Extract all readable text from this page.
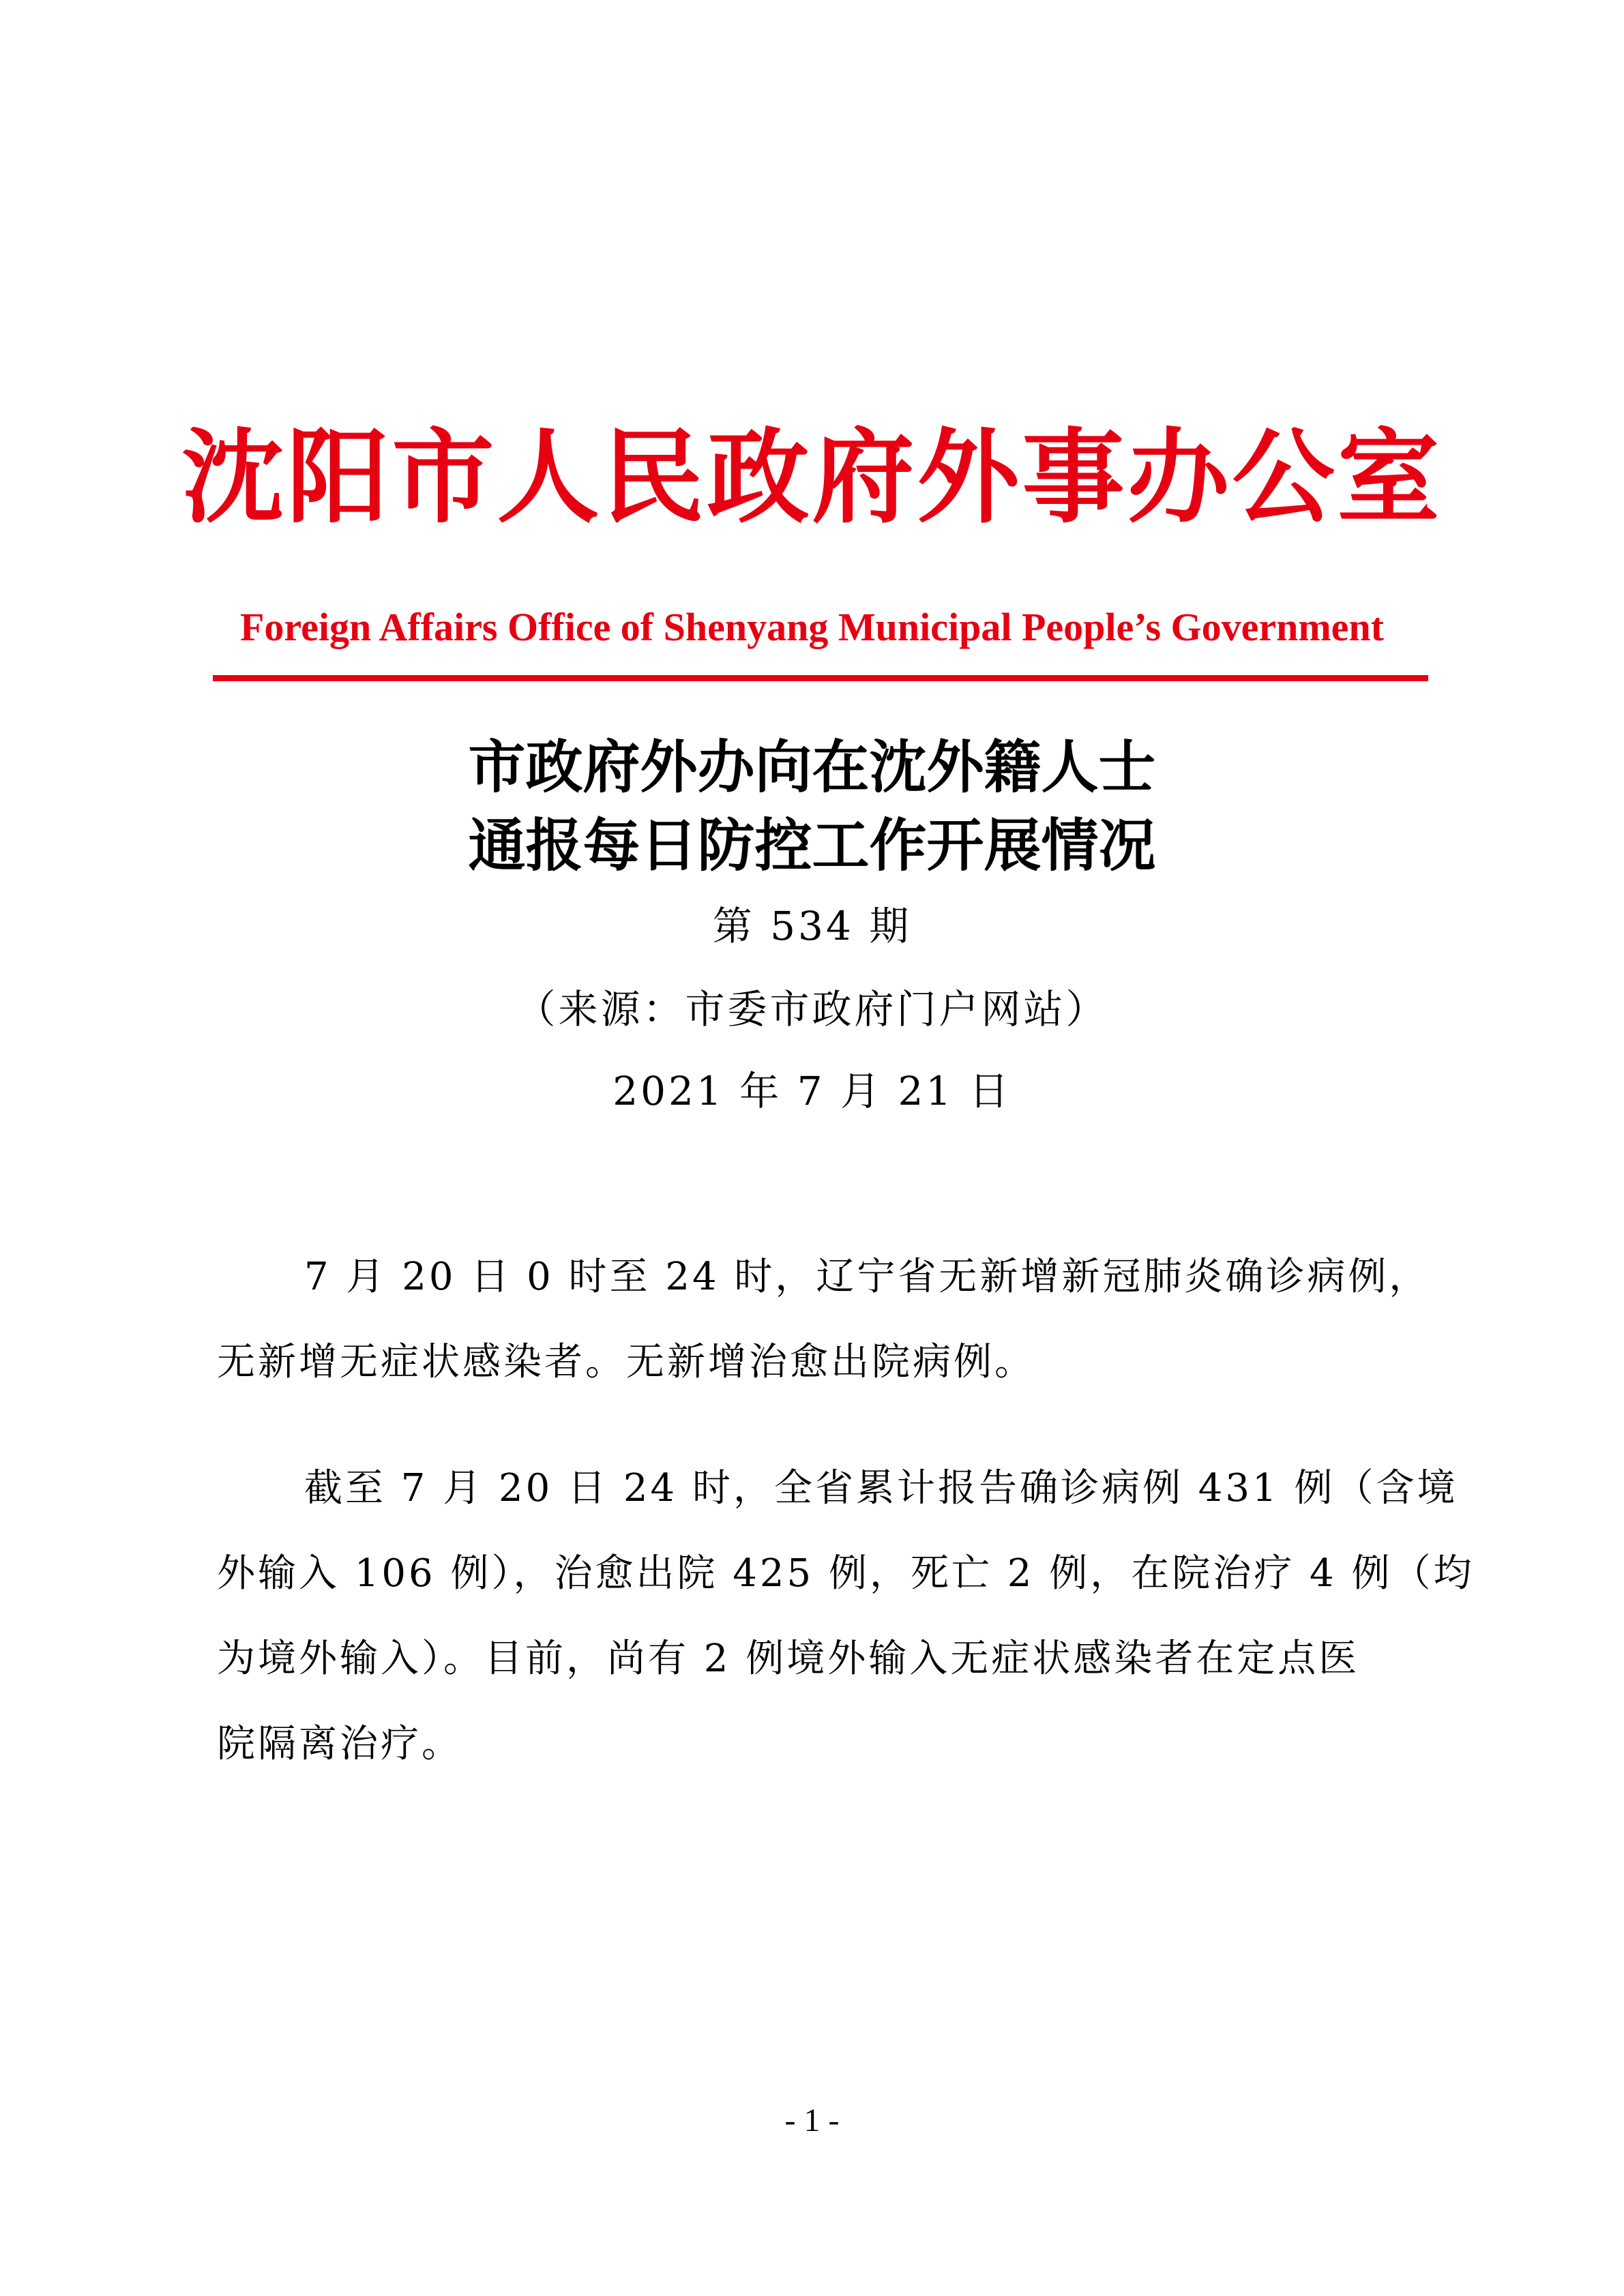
沈阳市人民政府外事办公室
Foreign Affairs Office of Shenyang Municipal People’s Government
市政府外办向在沈外籍人士
通报每日防控工作开展情况
第 534 期
（来源：市委市政府门户网站）
2021 年 7 月 21 日
7 月 20 日 0 时至 24 时，辽宁省无新增新冠肺炎确诊病例，
无新增无症状感染者。无新增治愈出院病例。
截至 7 月 20 日 24 时，全省累计报告确诊病例 431 例（含境
外输入 106 例），治愈出院 425 例，死亡 2 例，在院治疗 4 例（均
为境外输入）。目前，尚有 2 例境外输入无症状感染者在定点医
院隔离治疗。
- 1 -
